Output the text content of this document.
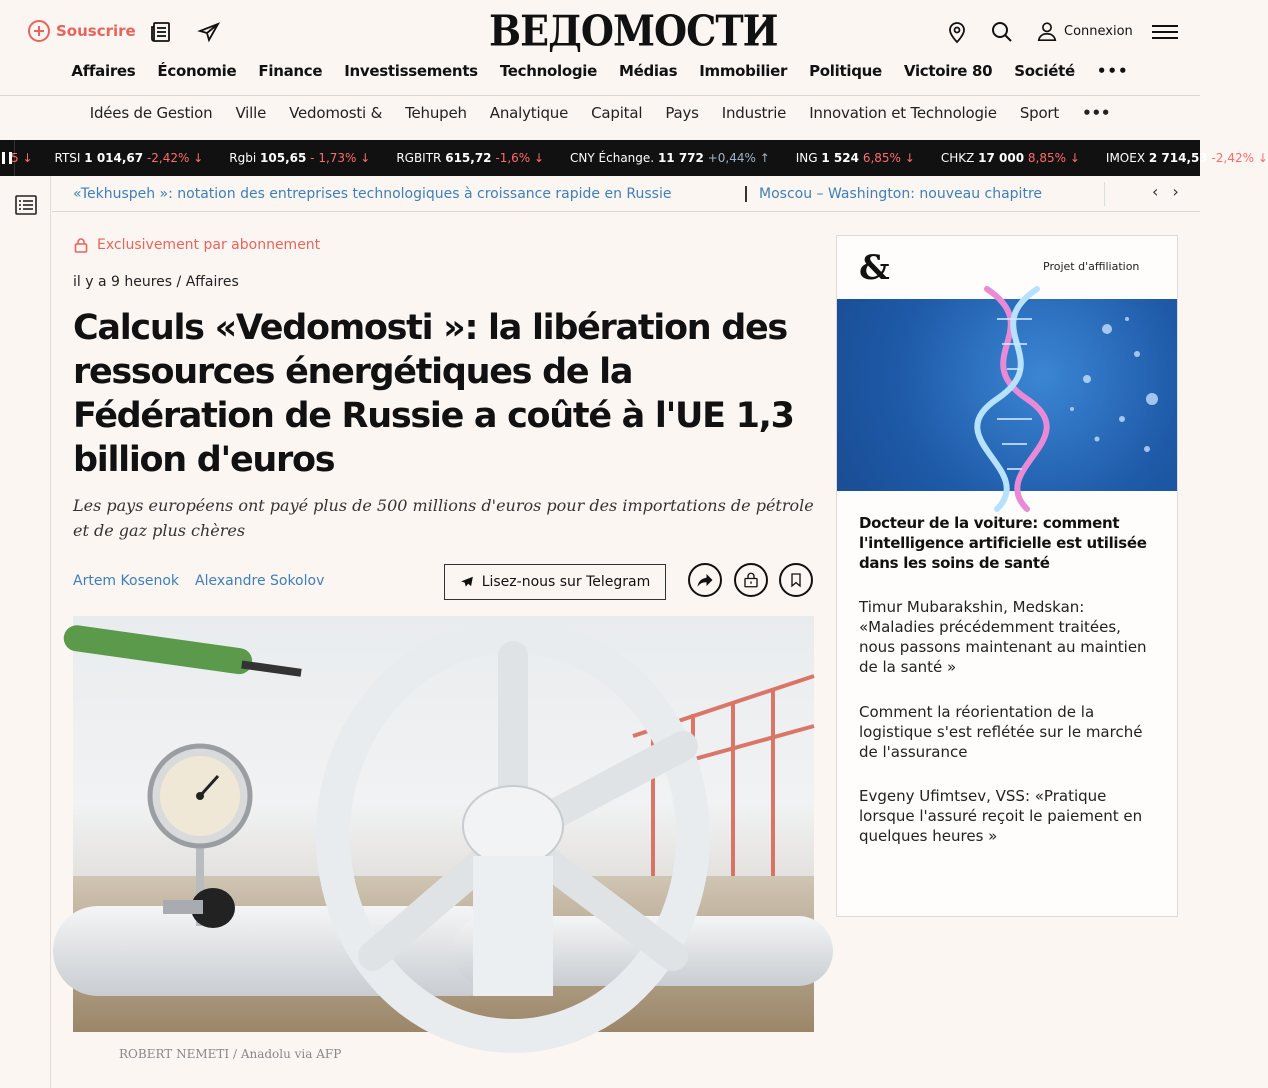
Souscrire	ВЕДОМОСТИ	Connexion
Affaires Économie Finance Investissements Technologie Médias Immobilier Politique Victoire 80 Société •••
Idées de Gestion Ville Vedomosti & Tehupeh Analytique Capital Pays Industrie Innovation et Technologie Sport •••
5 ↓ RTSI 1 014,67 -2,42% ↓ Rgbi 105,65 - 1,73% ↓ RGBITR 615,72 -1,6% ↓ CNY Échange. 11 772 +0,44% ↑ ING 1 524 6,85% ↓ CHKZ 17 000 8,85% ↓ IMOEX 2 714,53 -2,42% ↓
«Tekhuspeh »: notation des entreprises technologiques à croissance rapide en Russie	Moscou – Washington: nouveau chapitre	‹ ›
Exclusivement par abonnement
il y a 9 heures / Affaires
Calculs «Vedomosti »: la libération des ressources énergétiques de la Fédération de Russie a coûté à l'UE 1,3 billion d'euros

Les pays européens ont payé plus de 500 millions d'euros pour des importations de pétrole et de gaz plus chères

Artem Kosenok Alexandre Sokolov	Lisez-nous sur Telegram
ROBERT NEMETI / Anadolu via AFP
&	Projet d'affiliation
Docteur de la voiture: comment l'intelligence artificielle est utilisée dans les soins de santé
Timur Mubarakshin, Medskan: «Maladies précédemment traitées, nous passons maintenant au maintien de la santé »
Comment la réorientation de la logistique s'est reflétée sur le marché de l'assurance
Evgeny Ufimtsev, VSS: «Pratique lorsque l'assuré reçoit le paiement en quelques heures »
